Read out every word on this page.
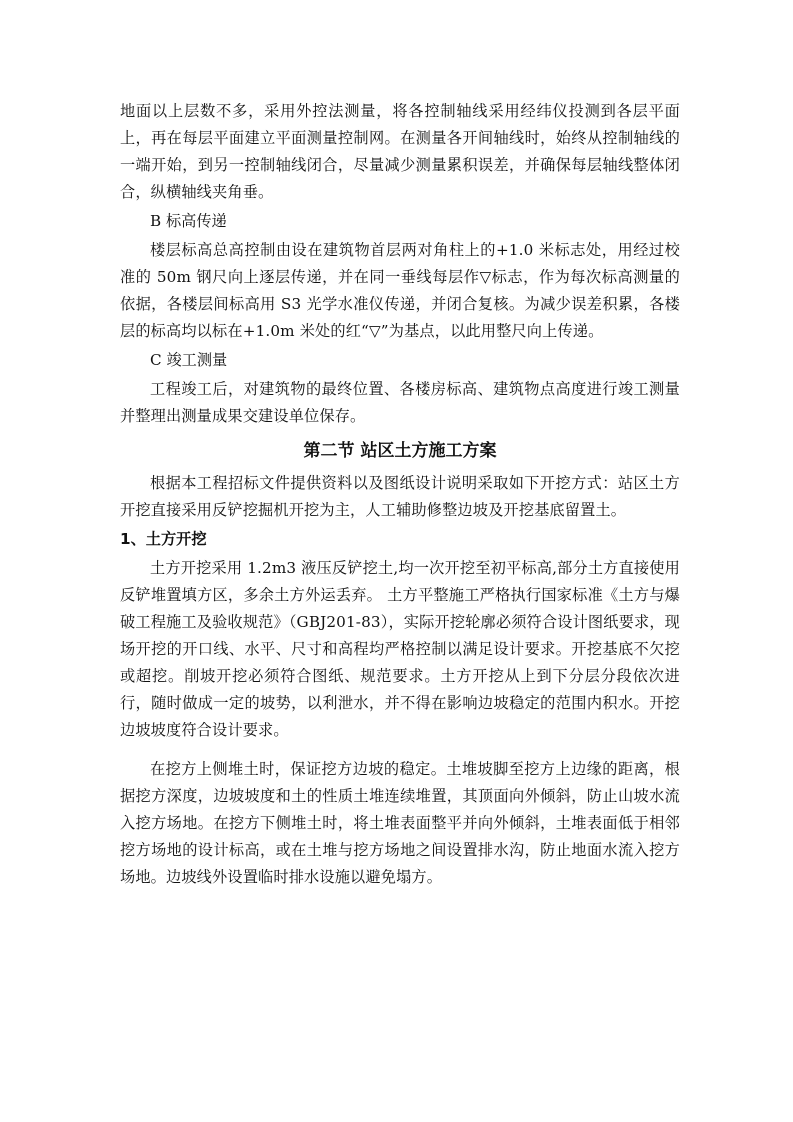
地面以上层数不多，采用外控法测量，将各控制轴线采用经纬仪投测到各层平面上，再在每层平面建立平面测量控制网。在测量各开间轴线时，始终从控制轴线的一端开始，到另一控制轴线闭合，尽量减少测量累积误差，并确保每层轴线整体闭合，纵横轴线夹角垂。

B 标高传递

楼层标高总高控制由设在建筑物首层两对角柱上的+1.0 米标志处，用经过校准的 50m 钢尺向上逐层传递，并在同一垂线每层作▽标志，作为每次标高测量的依据，各楼层间标高用 S3 光学水准仪传递，并闭合复核。为减少误差积累，各楼层的标高均以标在+1.0m 米处的红“▽”为基点，以此用整尺向上传递。

C 竣工测量

工程竣工后，对建筑物的最终位置、各楼房标高、建筑物点高度进行竣工测量并整理出测量成果交建设单位保存。

第二节 站区土方施工方案

根据本工程招标文件提供资料以及图纸设计说明采取如下开挖方式：站区土方开挖直接采用反铲挖掘机开挖为主，人工辅助修整边坡及开挖基底留置土。

1、土方开挖

土方开挖采用 1.2m3 液压反铲挖土,均一次开挖至初平标高,部分土方直接使用反铲堆置填方区，多余土方外运丢弃。 土方平整施工严格执行国家标准《土方与爆破工程施工及验收规范》（GBJ201-83），实际开挖轮廓必须符合设计图纸要求，现场开挖的开口线、水平、尺寸和高程均严格控制以满足设计要求。开挖基底不欠挖或超挖。削坡开挖必须符合图纸、规范要求。土方开挖从上到下分层分段依次进行，随时做成一定的坡势，以利泄水，并不得在影响边坡稳定的范围内积水。开挖边坡坡度符合设计要求。

在挖方上侧堆土时，保证挖方边坡的稳定。土堆坡脚至挖方上边缘的距离，根据挖方深度，边坡坡度和土的性质土堆连续堆置，其顶面向外倾斜，防止山坡水流入挖方场地。在挖方下侧堆土时，将土堆表面整平并向外倾斜，土堆表面低于相邻挖方场地的设计标高，或在土堆与挖方场地之间设置排水沟，防止地面水流入挖方场地。边坡线外设置临时排水设施以避免塌方。
